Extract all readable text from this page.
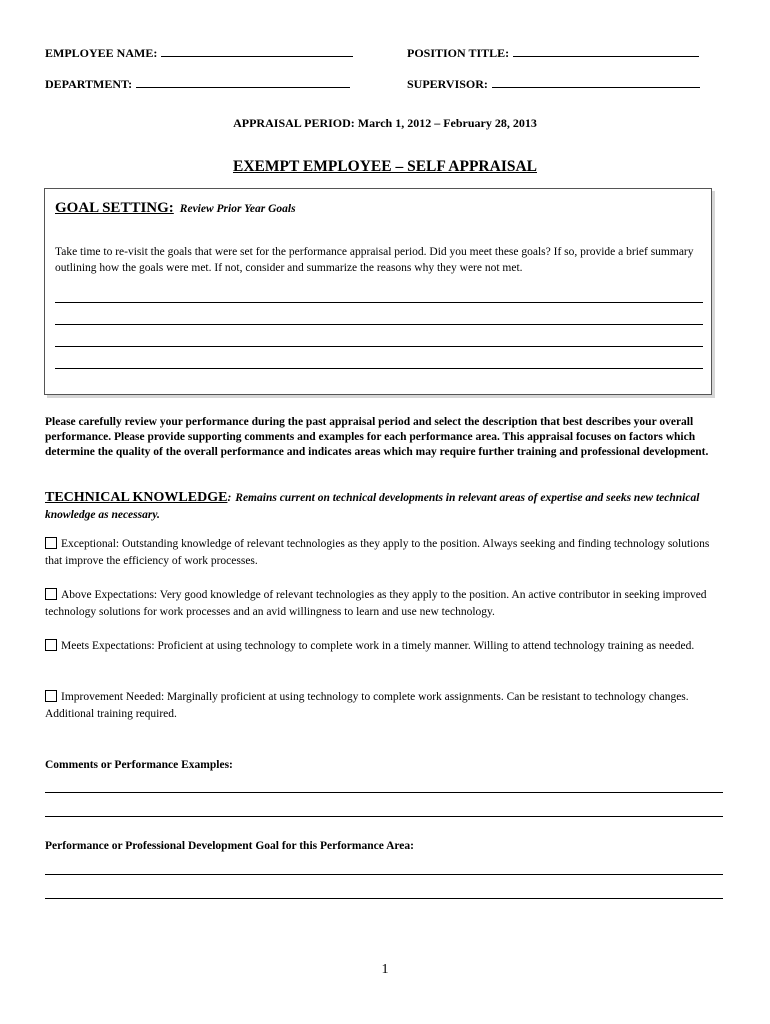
EMPLOYEE NAME:	POSITION TITLE:
DEPARTMENT:	SUPERVISOR:
APPRAISAL PERIOD: March 1, 2012 – February 28, 2013
EXEMPT EMPLOYEE – SELF APPRAISAL
GOAL SETTING: Review Prior Year Goals
Take time to re-visit the goals that were set for the performance appraisal period. Did you meet these goals? If so, provide a brief summary outlining how the goals were met. If not, consider and summarize the reasons why they were not met.
Please carefully review your performance during the past appraisal period and select the description that best describes your overall performance. Please provide supporting comments and examples for each performance area. This appraisal focuses on factors which determine the quality of the overall performance and indicates areas which may require further training and professional development.
TECHNICAL KNOWLEDGE: Remains current on technical developments in relevant areas of expertise and seeks new technical knowledge as necessary.
Exceptional: Outstanding knowledge of relevant technologies as they apply to the position. Always seeking and finding technology solutions that improve the efficiency of work processes.
Above Expectations: Very good knowledge of relevant technologies as they apply to the position. An active contributor in seeking improved technology solutions for work processes and an avid willingness to learn and use new technology.
Meets Expectations: Proficient at using technology to complete work in a timely manner. Willing to attend technology training as needed.
Improvement Needed: Marginally proficient at using technology to complete work assignments. Can be resistant to technology changes. Additional training required.
Comments or Performance Examples:
Performance or Professional Development Goal for this Performance Area:
1
